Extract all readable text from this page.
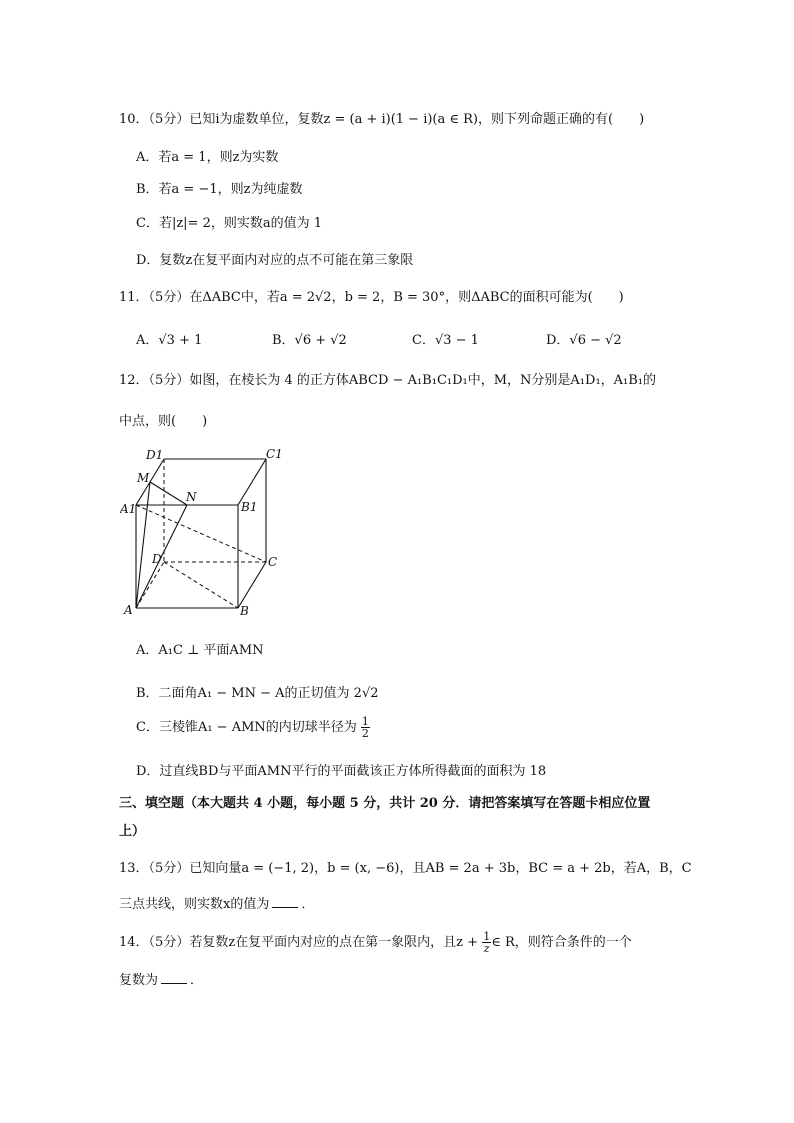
10．（5分）已知i为虚数单位，复数z = (a + i)(1 − i)(a ∈ R)，则下列命题正确的有(　　)
A．若a = 1，则z为实数
B．若a = −1，则z为纯虚数
C．若|z|= 2，则实数a的值为 1
D．复数z在复平面内对应的点不可能在第三象限
11．（5分）在ΔABC中，若a = 2√2，b = 2，B = 30°，则ΔABC的面积可能为(　　)
A．√3 + 1	B．√6 + √2	C．√3 − 1	D．√6 − √2
12．（5分）如图，在棱长为 4 的正方体ABCD − A₁B₁C₁D₁中，M，N分别是A₁D₁，A₁B₁的
中点，则(　　)
D1	C1
M
N
A1	B1
D	C
A	B
A．A₁C ⊥ 平面AMN
B．二面角A₁ − MN − A的正切值为 2√2
C．三棱锥A₁ − AMN的内切球半径为 $\frac{1}{2}$
D．过直线BD与平面AMN平行的平面截该正方体所得截面的面积为 18
三、填空题（本大题共 4 小题，每小题 5 分，共计 20 分．请把答案填写在答题卡相应位置
上）
13．（5分）已知向量a = (−1, 2)，b = (x, −6)，且AB = 2a + 3b，BC = a + 2b，若A，B，C
三点共线，则实数x的值为 ．
14．（5分）若复数z在复平面内对应的点在第一象限内，且$z + \frac{1}{z}$ ∈ R，则符合条件的一个
复数为 ．
